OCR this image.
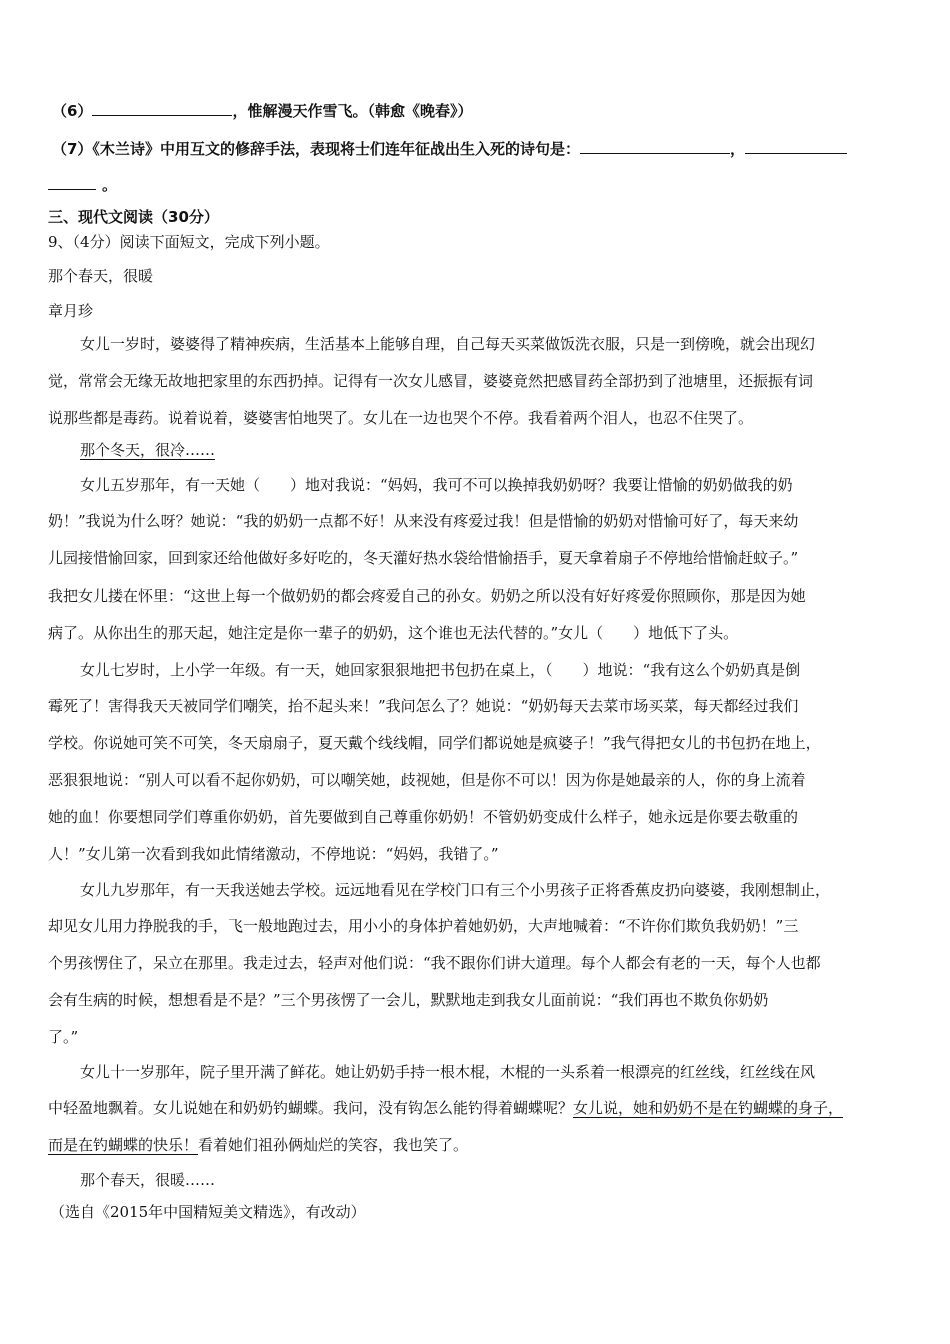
（6）	，惟解漫天作雪飞。（韩愈《晚春》）
（7）《木兰诗》中用互文的修辞手法，表现将士们连年征战出生入死的诗句是：	，
。
三、现代文阅读（30分）
9、（4分）阅读下面短文，完成下列小题。
那个春天，很暖
章月珍
女儿一岁时，婆婆得了精神疾病，生活基本上能够自理，自己每天买菜做饭洗衣服，只是一到傍晚，就会出现幻
觉，常常会无缘无故地把家里的东西扔掉。记得有一次女儿感冒，婆婆竟然把感冒药全部扔到了池塘里，还振振有词
说那些都是毒药。说着说着，婆婆害怕地哭了。女儿在一边也哭个不停。我看着两个泪人，也忍不住哭了。
那个冬天，很冷……
女儿五岁那年，有一天她（　　）地对我说：“妈妈，我可不可以换掉我奶奶呀？我要让惜愉的奶奶做我的奶
奶！”我说为什么呀？她说：“我的奶奶一点都不好！从来没有疼爱过我！但是惜愉的奶奶对惜愉可好了，每天来幼
儿园接惜愉回家，回到家还给他做好多好吃的，冬天灌好热水袋给惜愉捂手，夏天拿着扇子不停地给惜愉赶蚊子。”
我把女儿搂在怀里：“这世上每一个做奶奶的都会疼爱自己的孙女。奶奶之所以没有好好疼爱你照顾你，那是因为她
病了。从你出生的那天起，她注定是你一辈子的奶奶，这个谁也无法代替的。”女儿（　　）地低下了头。
女儿七岁时，上小学一年级。有一天，她回家狠狠地把书包扔在桌上，（　　）地说：“我有这么个奶奶真是倒
霉死了！害得我天天被同学们嘲笑，抬不起头来！”我问怎么了？她说：“奶奶每天去菜市场买菜，每天都经过我们
学校。你说她可笑不可笑，冬天扇扇子，夏天戴个线线帽，同学们都说她是疯婆子！”我气得把女儿的书包扔在地上，
恶狠狠地说：“别人可以看不起你奶奶，可以嘲笑她，歧视她，但是你不可以！因为你是她最亲的人，你的身上流着
她的血！你要想同学们尊重你奶奶，首先要做到自己尊重你奶奶！不管奶奶变成什么样子，她永远是你要去敬重的
人！”女儿第一次看到我如此情绪激动，不停地说：“妈妈，我错了。”
女儿九岁那年，有一天我送她去学校。远远地看见在学校门口有三个小男孩子正将香蕉皮扔向婆婆，我刚想制止，
却见女儿用力挣脱我的手，飞一般地跑过去，用小小的身体护着她奶奶，大声地喊着：“不许你们欺负我奶奶！”三
个男孩愣住了，呆立在那里。我走过去，轻声对他们说：“我不跟你们讲大道理。每个人都会有老的一天，每个人也都
会有生病的时候，想想看是不是？”三个男孩愣了一会儿，默默地走到我女儿面前说：“我们再也不欺负你奶奶
了。”
女儿十一岁那年，院子里开满了鲜花。她让奶奶手持一根木棍，木棍的一头系着一根漂亮的红丝线，红丝线在风
中轻盈地飘着。女儿说她在和奶奶钓蝴蝶。我问，没有钩怎么能钓得着蝴蝶呢？女儿说，她和奶奶不是在钓蝴蝶的身子，
而是在钓蝴蝶的快乐！看着她们祖孙俩灿烂的笑容，我也笑了。
那个春天，很暖……
（选自《2015年中国精短美文精选》，有改动）
